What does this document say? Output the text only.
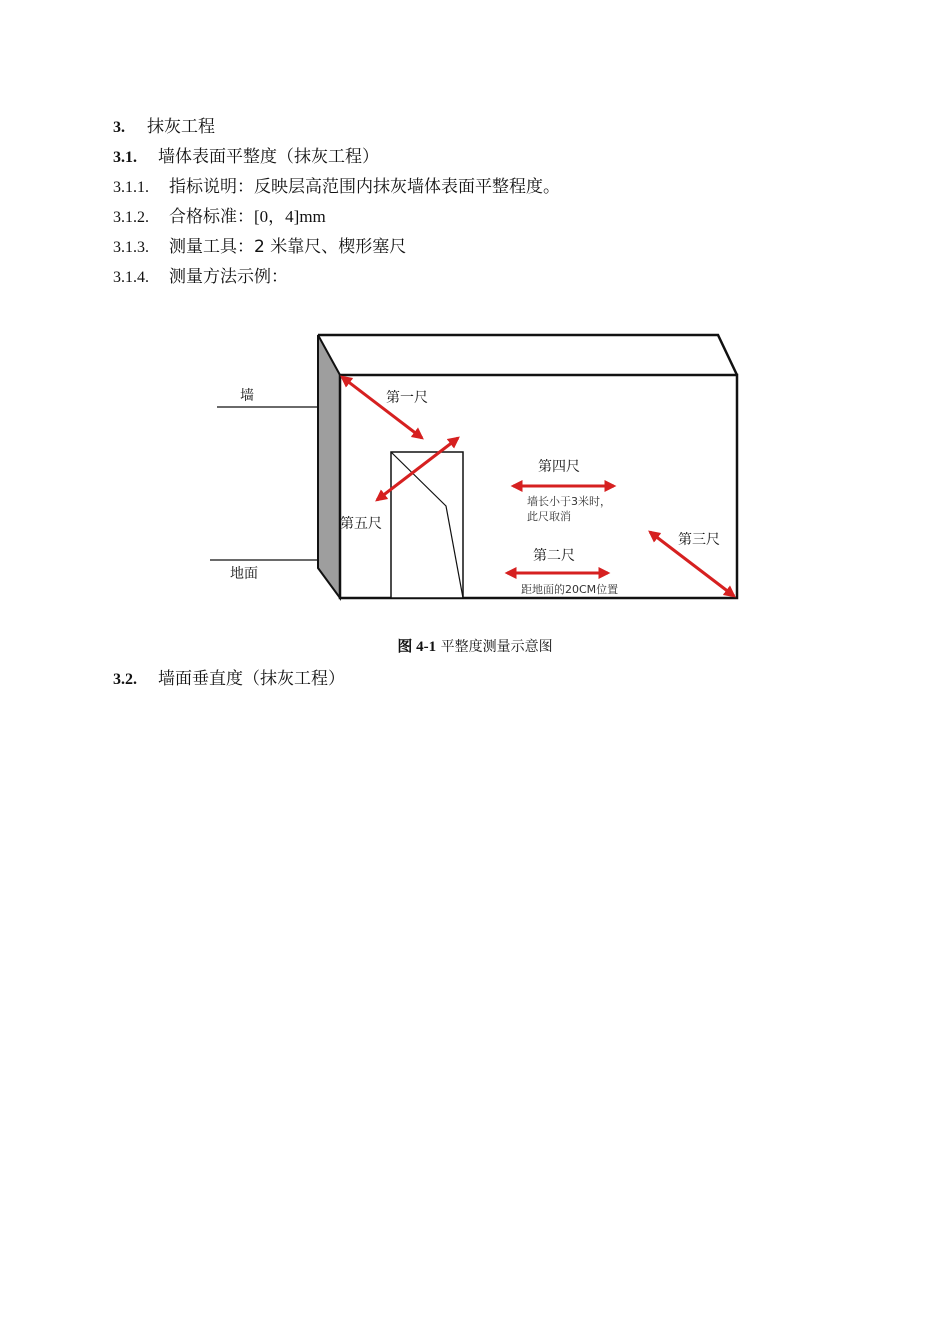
3. 抹灰工程
3.1. 墙体表面平整度（抹灰工程）
3.1.1. 指标说明：反映层高范围内抹灰墙体表面平整程度。
3.1.2. 合格标准：[0，4]mm
3.1.3. 测量工具：2 米靠尺、楔形塞尺
3.1.4. 测量方法示例：
墙
地面
第一尺
第四尺
第五尺
第二尺
第三尺
墙长小于3米时，
此尺取消
距地面的20CM位置
图 4-1 平整度测量示意图
3.2. 墙面垂直度（抹灰工程）
